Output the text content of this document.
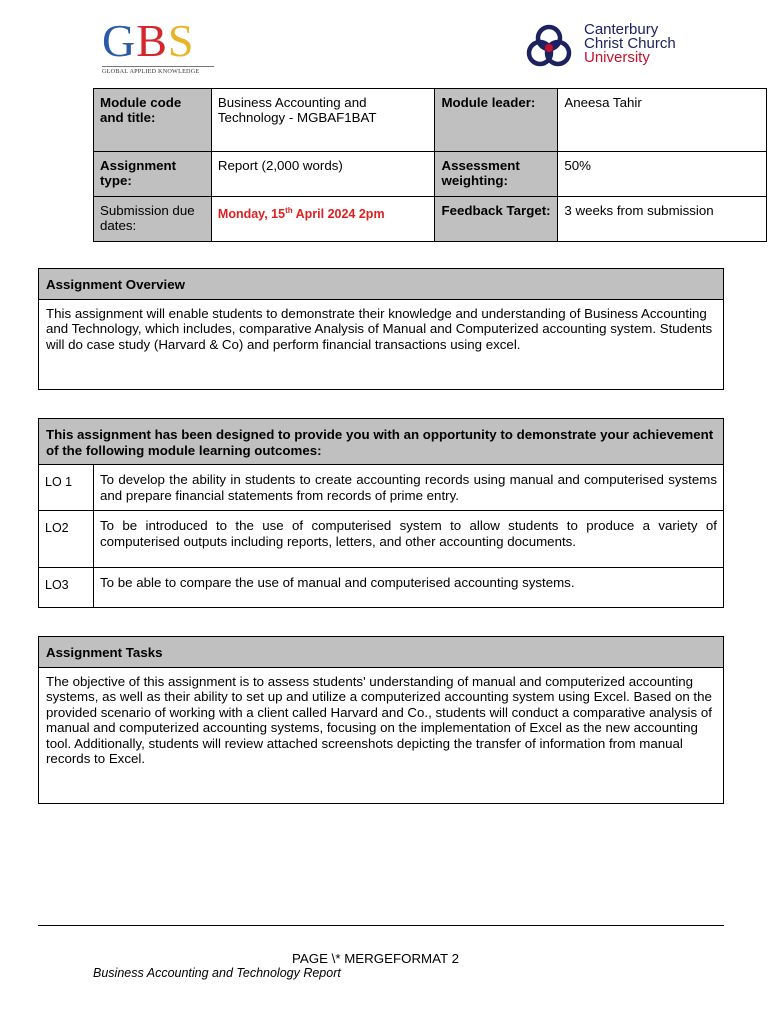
GBS
GLOBAL APPLIED KNOWLEDGE
Canterbury
Christ Church
University
Module code and title:	Business Accounting and Technology - MGBAF1BAT	Module leader:	Aneesa Tahir
Assignment type:	Report (2,000 words)	Assessment weighting:	50%
Submission due dates:	Monday, 15th April 2024 2pm	Feedback Target:	3 weeks from submission
Assignment Overview
This assignment will enable students to demonstrate their knowledge and understanding of Business Accounting and Technology, which includes, comparative Analysis of Manual and Computerized accounting system. Students will do case study (Harvard & Co) and perform financial transactions using excel.
This assignment has been designed to provide you with an opportunity to demonstrate your achievement of the following module learning outcomes:	
LO 1	To develop the ability in students to create accounting records using manual and computerised systems and prepare financial statements from records of prime entry.
LO2	To be introduced to the use of computerised system to allow students to produce a variety of computerised outputs including reports, letters, and other accounting documents.
LO3	To be able to compare the use of manual and computerised accounting systems.
Assignment Tasks
The objective of this assignment is to assess students' understanding of manual and computerized accounting systems, as well as their ability to set up and utilize a computerized accounting system using Excel. Based on the provided scenario of working with a client called Harvard and Co., students will conduct a comparative analysis of manual and computerized accounting systems, focusing on the implementation of Excel as the new accounting tool. Additionally, students will review attached screenshots depicting the transfer of information from manual records to Excel.
PAGE \* MERGEFORMAT 2
Business Accounting and Technology Report
